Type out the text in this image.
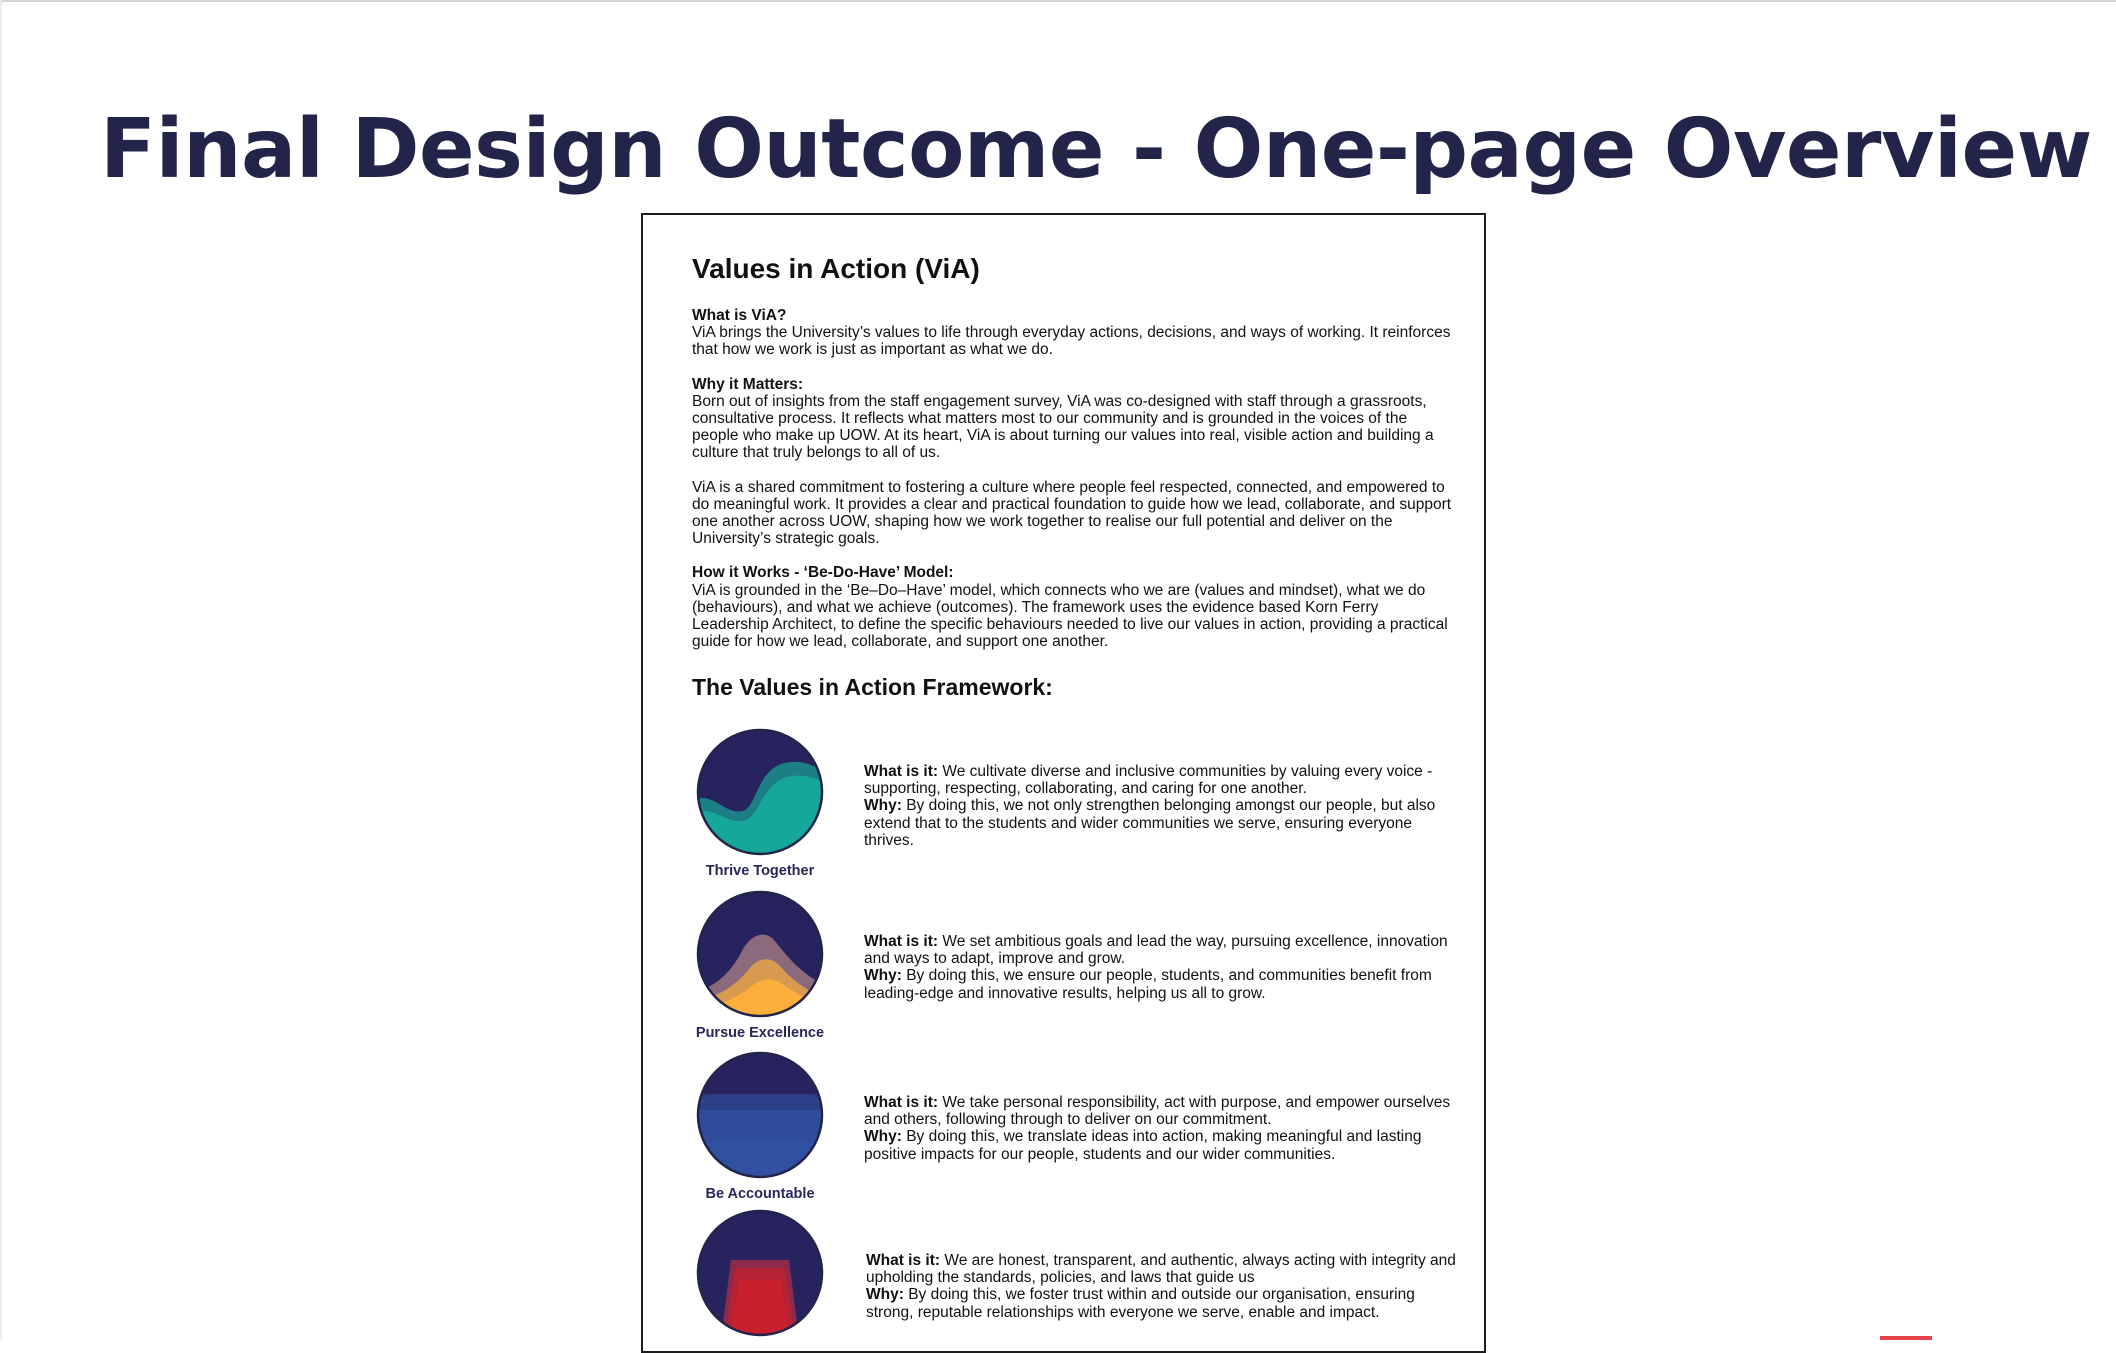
Final Design Outcome - One-page Overview
Values in Action (ViA)
What is ViA?
ViA brings the University’s values to life through everyday actions, decisions, and ways of working. It reinforces that how we work is just as important as what we do.
Why it Matters:
Born out of insights from the staff engagement survey, ViA was co-designed with staff through a grassroots, consultative process. It reflects what matters most to our community and is grounded in the voices of the people who make up UOW. At its heart, ViA is about turning our values into real, visible action and building a culture that truly belongs to all of us.
ViA is a shared commitment to fostering a culture where people feel respected, connected, and empowered to do meaningful work. It provides a clear and practical foundation to guide how we lead, collaborate, and support one another across UOW, shaping how we work together to realise our full potential and deliver on the University’s strategic goals.
How it Works - ‘Be-Do-Have’ Model:
ViA is grounded in the ‘Be–Do–Have’ model, which connects who we are (values and mindset), what we do (behaviours), and what we achieve (outcomes). The framework uses the evidence based Korn Ferry Leadership Architect, to define the specific behaviours needed to live our values in action, providing a practical guide for how we lead, collaborate, and support one another.
The Values in Action Framework:
Thrive Together
What is it: We cultivate diverse and inclusive communities by valuing every voice - supporting, respecting, collaborating, and caring for one another.
Why: By doing this, we not only strengthen belonging amongst our people, but also extend that to the students and wider communities we serve, ensuring everyone thrives.
Pursue Excellence
What is it: We set ambitious goals and lead the way, pursuing excellence, innovation and ways to adapt, improve and grow.
Why: By doing this, we ensure our people, students, and communities benefit from leading-edge and innovative results, helping us all to grow.
Be Accountable
What is it: We take personal responsibility, act with purpose, and empower ourselves and others, following through to deliver on our commitment.
Why: By doing this, we translate ideas into action, making meaningful and lasting positive impacts for our people, students and our wider communities.
What is it: We are honest, transparent, and authentic, always acting with integrity and upholding the standards, policies, and laws that guide us
Why: By doing this, we foster trust within and outside our organisation, ensuring strong, reputable relationships with everyone we serve, enable and impact.
